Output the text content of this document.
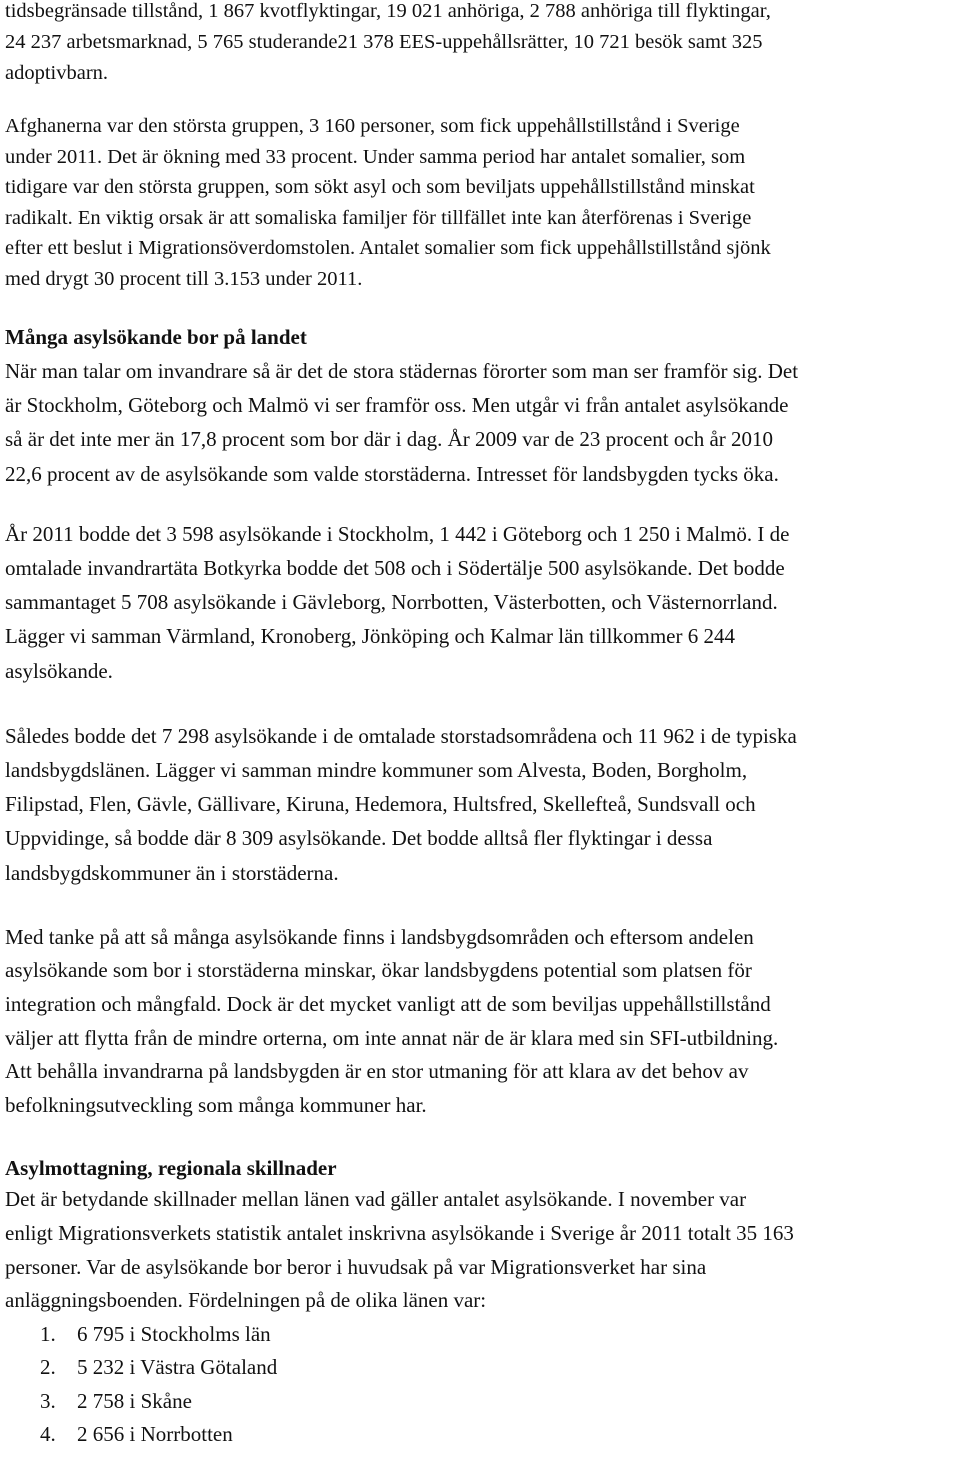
tidsbegränsade tillstånd, 1 867 kvotflyktingar, 19 021 anhöriga, 2 788 anhöriga till flyktingar,
24 237 arbetsmarknad, 5 765 studerande21 378 EES-uppehållsrätter, 10 721 besök samt 325
adoptivbarn.

Afghanerna var den största gruppen, 3 160 personer, som fick uppehållstillstånd i Sverige
under 2011. Det är ökning med 33 procent. Under samma period har antalet somalier, som
tidigare var den största gruppen, som sökt asyl och som beviljats uppehållstillstånd minskat
radikalt. En viktig orsak är att somaliska familjer för tillfället inte kan återförenas i Sverige
efter ett beslut i Migrationsöverdomstolen. Antalet somalier som fick uppehållstillstånd sjönk
med drygt 30 procent till 3.153 under 2011.

Många asylsökande bor på landet

När man talar om invandrare så är det de stora städernas förorter som man ser framför sig. Det
är Stockholm, Göteborg och Malmö vi ser framför oss. Men utgår vi från antalet asylsökande
så är det inte mer än 17,8 procent som bor där i dag. År 2009 var de 23 procent och år 2010
22,6 procent av de asylsökande som valde storstäderna. Intresset för landsbygden tycks öka.

År 2011 bodde det 3 598 asylsökande i Stockholm, 1 442 i Göteborg och 1 250 i Malmö. I de
omtalade invandrartäta Botkyrka bodde det 508 och i Södertälje 500 asylsökande. Det bodde
sammantaget 5 708 asylsökande i Gävleborg, Norrbotten, Västerbotten, och Västernorrland.
Lägger vi samman Värmland, Kronoberg, Jönköping och Kalmar län tillkommer 6 244
asylsökande.

Således bodde det 7 298 asylsökande i de omtalade storstadsområdena och 11 962 i de typiska
landsbygdslänen. Lägger vi samman mindre kommuner som Alvesta, Boden, Borgholm,
Filipstad, Flen, Gävle, Gällivare, Kiruna, Hedemora, Hultsfred, Skellefteå, Sundsvall och
Uppvidinge, så bodde där 8 309 asylsökande. Det bodde alltså fler flyktingar i dessa
landsbygdskommuner än i storstäderna.

Med tanke på att så många asylsökande finns i landsbygdsområden och eftersom andelen
asylsökande som bor i storstäderna minskar, ökar landsbygdens potential som platsen för
integration och mångfald. Dock är det mycket vanligt att de som beviljas uppehållstillstånd
väljer att flytta från de mindre orterna, om inte annat när de är klara med sin SFI-utbildning.
Att behålla invandrarna på landsbygden är en stor utmaning för att klara av det behov av
befolkningsutveckling som många kommuner har.

Asylmottagning, regionala skillnader

Det är betydande skillnader mellan länen vad gäller antalet asylsökande. I november var
enligt Migrationsverkets statistik antalet inskrivna asylsökande i Sverige år 2011 totalt 35 163
personer. Var de asylsökande bor beror i huvudsak på var Migrationsverket har sina
anläggningsboenden. Fördelningen på de olika länen var:

1.	6 795 i Stockholms län
2.	5 232 i Västra Götaland
3.	2 758 i Skåne
4.	2 656 i Norrbotten
